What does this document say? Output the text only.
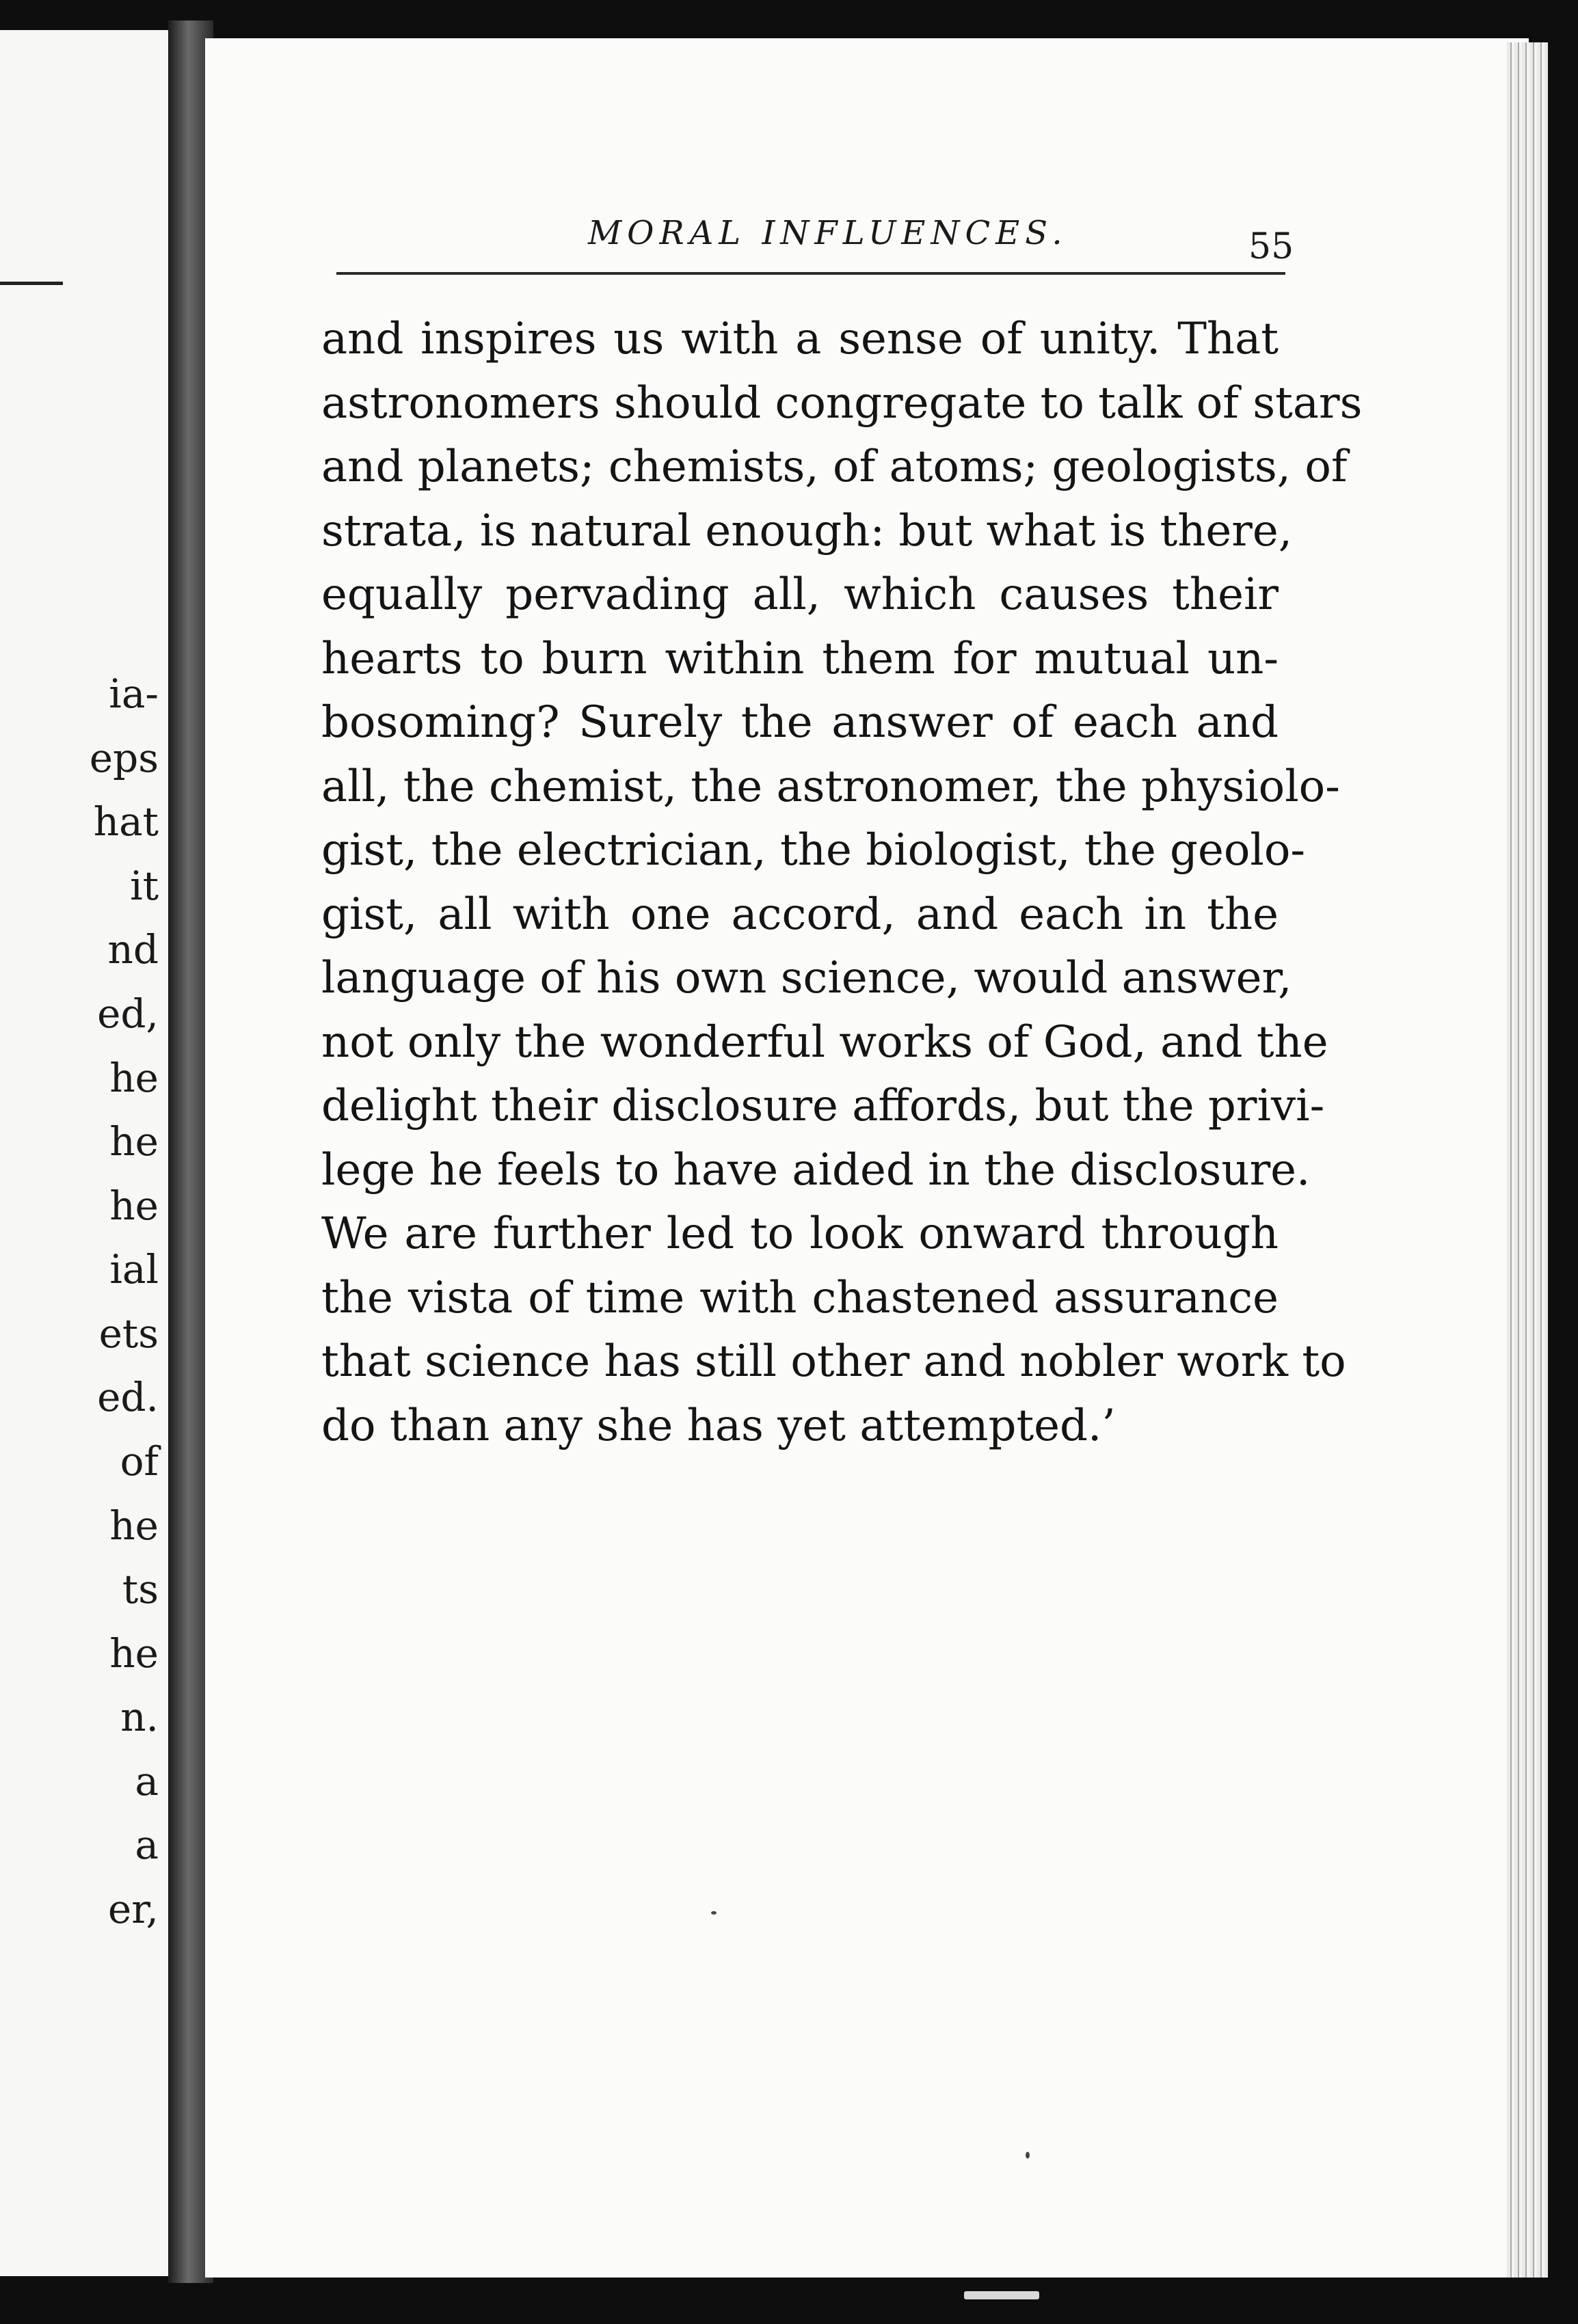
ia-
eps
hat
it
nd
ed,
he
he
he
ial
ets
ed.
of
he
ts
he
n.
a
a
er,
MORAL INFLUENCES.	55
and inspires us with a sense of unity. That
astronomers should congregate to talk of stars
and planets; chemists, of atoms; geologists, of
strata, is natural enough: but what is there,
equally pervading all, which causes their
hearts to burn within them for mutual un-
bosoming? Surely the answer of each and
all, the chemist, the astronomer, the physiolo-
gist, the electrician, the biologist, the geolo-
gist, all with one accord, and each in the
language of his own science, would answer,
not only the wonderful works of God, and the
delight their disclosure affords, but the privi-
lege he feels to have aided in the disclosure.
We are further led to look onward through
the vista of time with chastened assurance
that science has still other and nobler work to
do than any she has yet attempted.’
